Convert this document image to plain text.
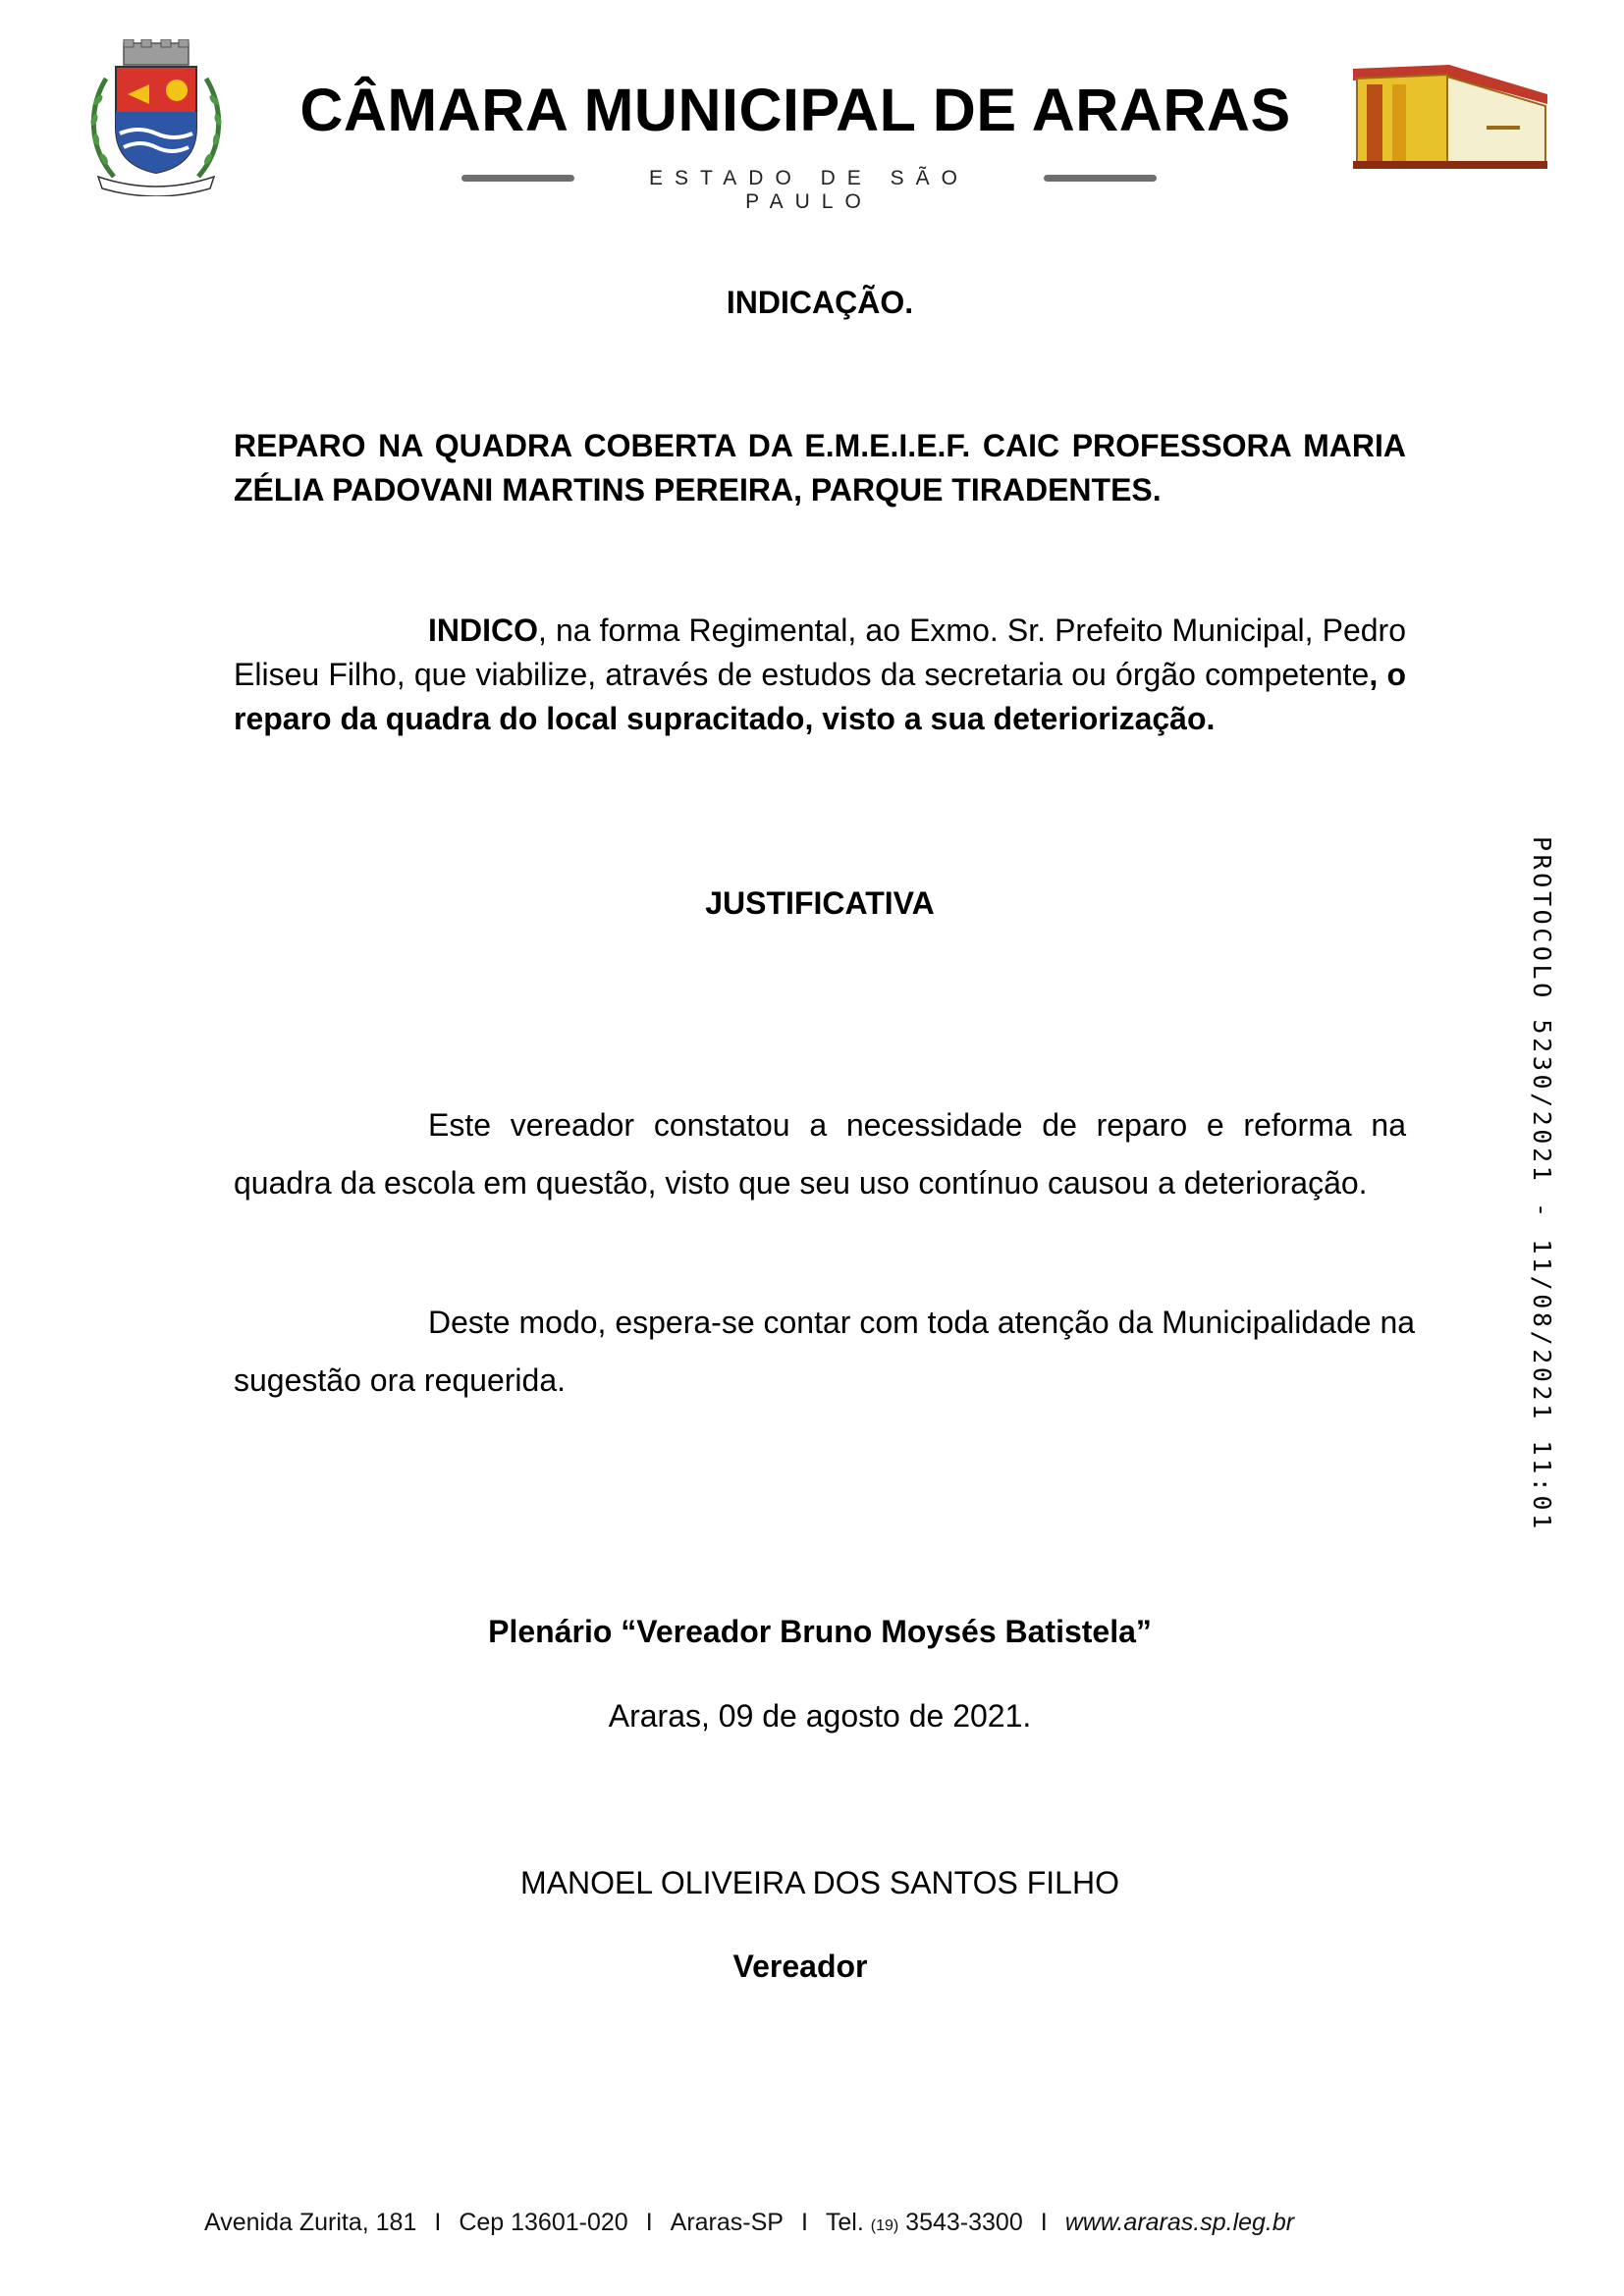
CÂMARA MUNICIPAL DE ARARAS
ESTADO DE SÃO PAULO
INDICAÇÃO.
REPARO NA QUADRA COBERTA DA E.M.E.I.E.F. CAIC PROFESSORA MARIA ZÉLIA PADOVANI MARTINS PEREIRA, PARQUE TIRADENTES.
INDICO, na forma Regimental, ao Exmo. Sr. Prefeito Municipal, Pedro Eliseu Filho, que viabilize, através de estudos da secretaria ou órgão competente, o reparo da quadra do local supracitado, visto a sua deteriorização.
JUSTIFICATIVA
Este vereador constatou a necessidade de reparo e reforma na quadra da escola em questão, visto que seu uso contínuo causou a deterioração.
Deste modo, espera-se contar com toda atenção da Municipalidade na sugestão ora requerida.
Plenário “Vereador Bruno Moysés Batistela”
Araras, 09 de agosto de 2021.
MANOEL OLIVEIRA DOS SANTOS FILHO
Vereador
PROTOCOLO 5230/2021 - 11/08/2021 11:01
Avenida Zurita, 181 I Cep 13601-020 I Araras-SP I Tel. (19) 3543-3300 I www.araras.sp.leg.br
